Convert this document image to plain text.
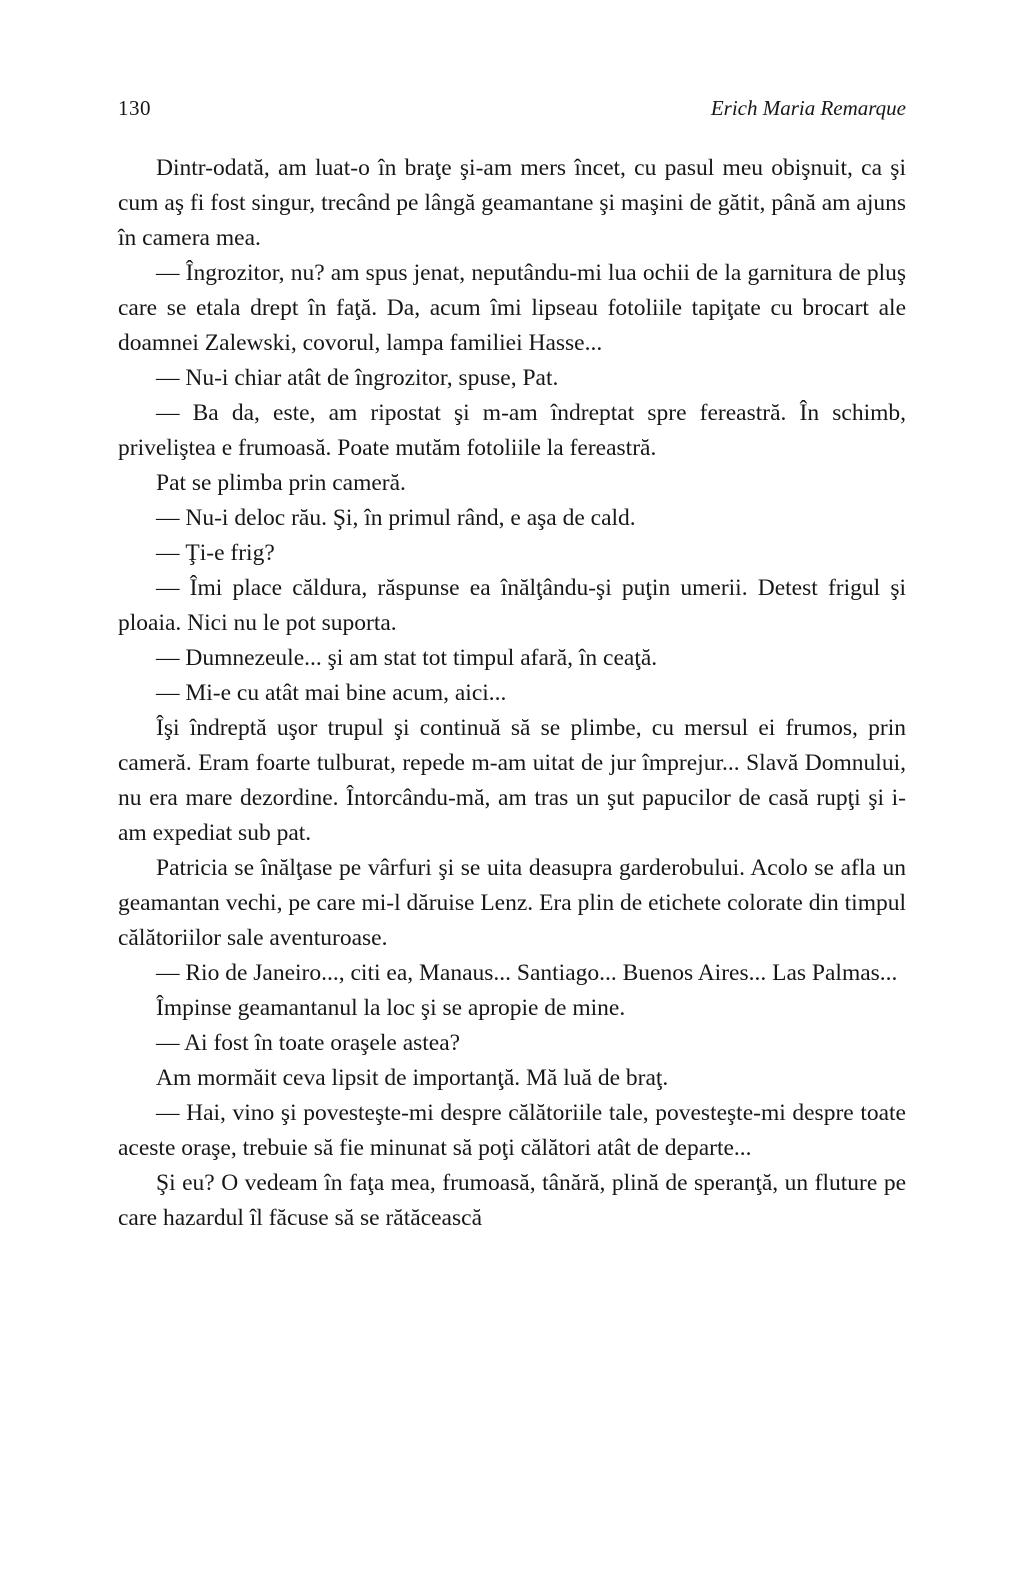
130	Erich Maria Remarque

Dintr-odată, am luat-o în braţe şi-am mers încet, cu pasul meu obişnuit, ca şi cum aş fi fost singur, trecând pe lângă geamantane şi maşini de gătit, până am ajuns în camera mea.

— Îngrozitor, nu? am spus jenat, neputându-mi lua ochii de la garnitura de pluş care se etala drept în faţă. Da, acum îmi lipseau fotoliile tapiţate cu brocart ale doamnei Zalewski, covorul, lampa familiei Hasse...

— Nu-i chiar atât de îngrozitor, spuse, Pat.

— Ba da, este, am ripostat şi m-am îndreptat spre fereastră. În schimb, priveliştea e frumoasă. Poate mutăm fotoliile la fereastră.

Pat se plimba prin cameră.

— Nu-i deloc rău. Şi, în primul rând, e aşa de cald.

— Ţi-e frig?

— Îmi place căldura, răspunse ea înălţându-şi puţin umerii. Detest frigul şi ploaia. Nici nu le pot suporta.

— Dumnezeule... şi am stat tot timpul afară, în ceaţă.

— Mi-e cu atât mai bine acum, aici...

Îşi îndreptă uşor trupul şi continuă să se plimbe, cu mersul ei frumos, prin cameră. Eram foarte tulburat, repede m-am uitat de jur împrejur... Slavă Domnului, nu era mare dezordine. Întorcându-mă, am tras un şut papucilor de casă rupţi şi i-am expediat sub pat.

Patricia se înălţase pe vârfuri şi se uita deasupra garderobului. Acolo se afla un geamantan vechi, pe care mi-l dăruise Lenz. Era plin de etichete colorate din timpul călătoriilor sale aventuroase.

— Rio de Janeiro..., citi ea, Manaus... Santiago... Buenos Aires... Las Palmas...

Împinse geamantanul la loc şi se apropie de mine.

— Ai fost în toate oraşele astea?

Am mormăit ceva lipsit de importanţă. Mă luă de braţ.

— Hai, vino şi povesteşte-mi despre călătoriile tale, povesteşte-mi despre toate aceste oraşe, trebuie să fie minunat să poţi călători atât de departe...

Şi eu? O vedeam în faţa mea, frumoasă, tânără, plină de speranţă, un fluture pe care hazardul îl făcuse să se rătăcească
